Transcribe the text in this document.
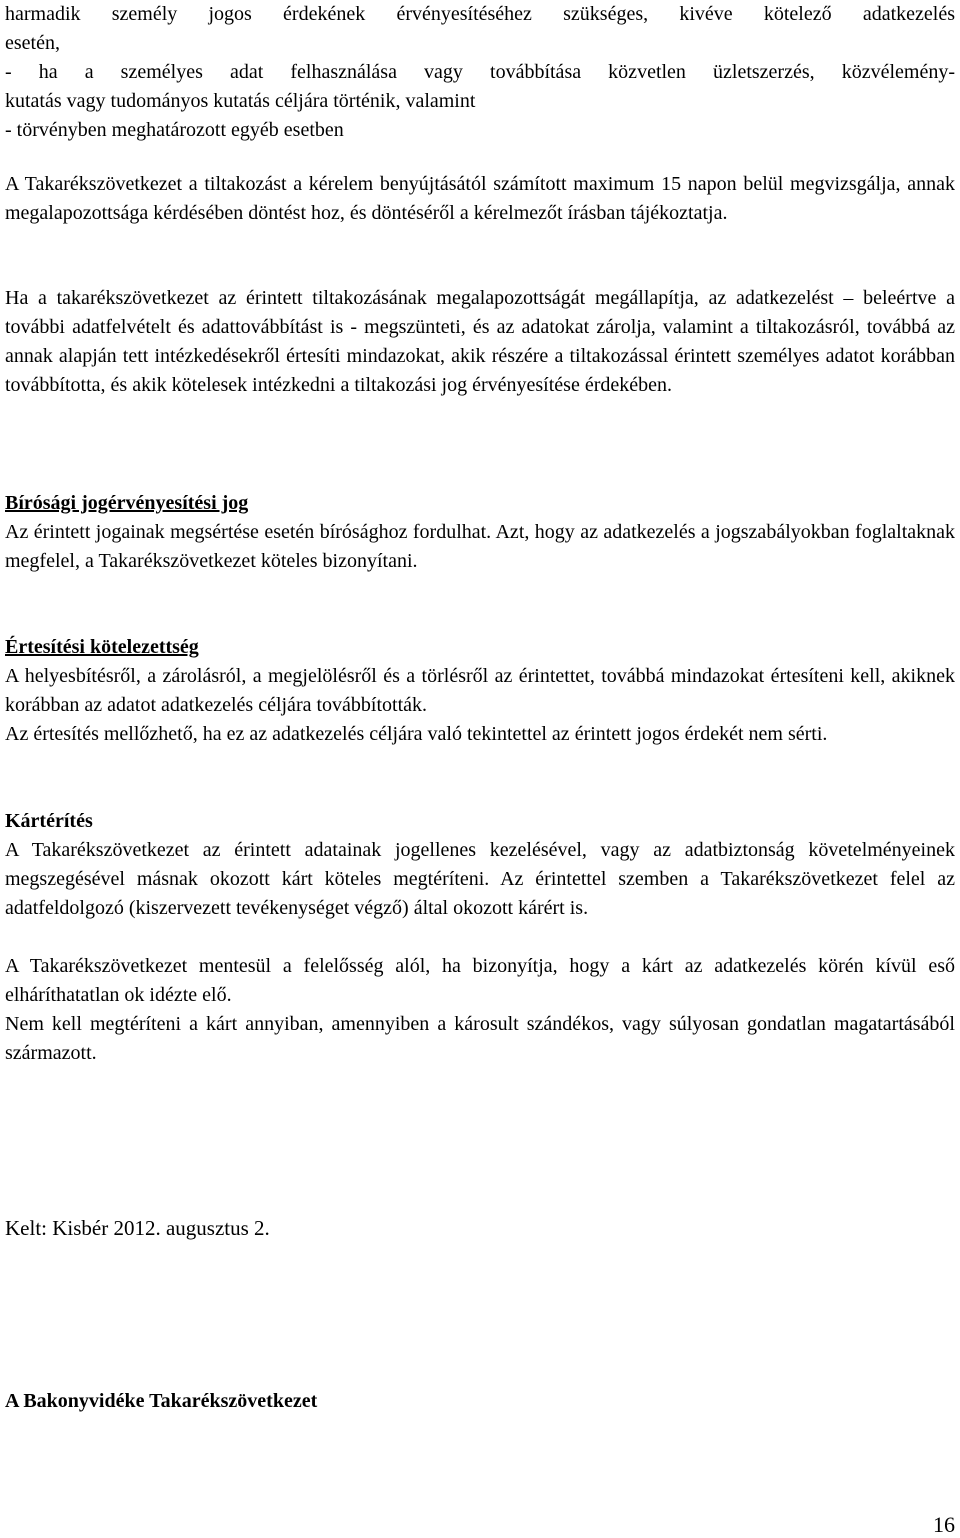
harmadik személy jogos érdekének érvényesítéséhez szükséges, kivéve kötelező adatkezelés
esetén,
- ha a személyes adat felhasználása vagy továbbítása közvetlen üzletszerzés, közvélemény-
kutatás vagy tudományos kutatás céljára történik, valamint
- törvényben meghatározott egyéb esetben
A Takarékszövetkezet a tiltakozást a kérelem benyújtásától számított maximum 15 napon belül megvizsgálja, annak megalapozottsága kérdésében döntést hoz, és döntéséről a kérelmezőt írásban tájékoztatja.
Ha a takarékszövetkezet az érintett tiltakozásának megalapozottságát megállapítja, az adatkezelést – beleértve a további adatfelvételt és adattovábbítást is - megszünteti, és az adatokat zárolja, valamint a tiltakozásról, továbbá az annak alapján tett intézkedésekről értesíti mindazokat, akik részére a tiltakozással érintett személyes adatot korábban továbbította, és akik kötelesek intézkedni a tiltakozási jog érvényesítése érdekében.
Bírósági jogérvényesítési jog
Az érintett jogainak megsértése esetén bírósághoz fordulhat. Azt, hogy az adatkezelés a jogszabályokban foglaltaknak megfelel, a Takarékszövetkezet köteles bizonyítani.
Értesítési kötelezettség
A helyesbítésről, a zárolásról, a megjelölésről és a törlésről az érintettet, továbbá mindazokat értesíteni kell, akiknek korábban az adatot adatkezelés céljára továbbították.
Az értesítés mellőzhető, ha ez az adatkezelés céljára való tekintettel az érintett jogos érdekét nem sérti.
Kártérítés
A Takarékszövetkezet az érintett adatainak jogellenes kezelésével, vagy az adatbiztonság követelményeinek megszegésével másnak okozott kárt köteles megtéríteni. Az érintettel szemben a Takarékszövetkezet felel az adatfeldolgozó (kiszervezett tevékenységet végző) által okozott kárért is.
A Takarékszövetkezet mentesül a felelősség alól, ha bizonyítja, hogy a kárt az adatkezelés körén kívül eső elháríthatatlan ok idézte elő.
Nem kell megtéríteni a kárt annyiban, amennyiben a károsult szándékos, vagy súlyosan gondatlan magatartásából származott.
Kelt: Kisbér 2012. augusztus 2.
A Bakonyvidéke Takarékszövetkezet
16
